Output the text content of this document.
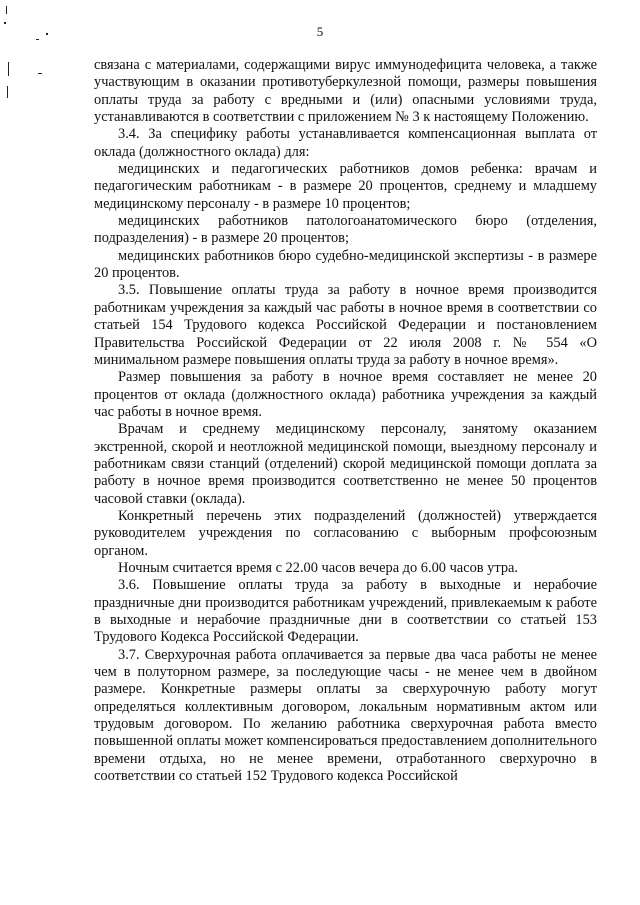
5

связана с материалами, содержащими вирус иммунодефицита человека, а также участвующим в оказании противотуберкулезной помощи, размеры повышения оплаты труда за работу с вредными и (или) опасными условиями труда, устанавливаются в соответствии с приложением № 3 к настоящему Положению.

3.4. За специфику работы устанавливается компенсационная выплата от оклада (должностного оклада) для:

медицинских и педагогических работников домов ребенка: врачам и педагогическим работникам - в размере 20 процентов, среднему и младшему медицинскому персоналу - в размере 10 процентов;

медицинских работников патологоанатомического бюро (отделения, подразделения) - в размере 20 процентов;

медицинских работников бюро судебно-медицинской экспертизы - в размере 20 процентов.

3.5. Повышение оплаты труда за работу в ночное время производится работникам учреждения за каждый час работы в ночное время в соответствии со статьей 154 Трудового кодекса Российской Федерации и постановлением Правительства Российской Федерации от 22 июля 2008 г. № 554 «О минимальном размере повышения оплаты труда за работу в ночное время».

Размер повышения за работу в ночное время составляет не менее 20 процентов от оклада (должностного оклада) работника учреждения за каждый час работы в ночное время.

Врачам и среднему медицинскому персоналу, занятому оказанием экстренной, скорой и неотложной медицинской помощи, выездному персоналу и работникам связи станций (отделений) скорой медицинской помощи доплата за работу в ночное время производится соответственно не менее 50 процентов часовой ставки (оклада).

Конкретный перечень этих подразделений (должностей) утверждается руководителем учреждения по согласованию с выборным профсоюзным органом.

Ночным считается время с 22.00 часов вечера до 6.00 часов утра.

3.6. Повышение оплаты труда за работу в выходные и нерабочие праздничные дни производится работникам учреждений, привлекаемым к работе в выходные и нерабочие праздничные дни в соответствии со статьей 153 Трудового Кодекса Российской Федерации.

3.7. Сверхурочная работа оплачивается за первые два часа работы не менее чем в полуторном размере, за последующие часы - не менее чем в двойном размере. Конкретные размеры оплаты за сверхурочную работу могут определяться коллективным договором, локальным нормативным актом или трудовым договором. По желанию работника сверхурочная работа вместо повышенной оплаты может компенсироваться предоставлением дополнительного времени отдыха, но не менее времени, отработанного сверхурочно в соответствии со статьей 152 Трудового кодекса Российской
